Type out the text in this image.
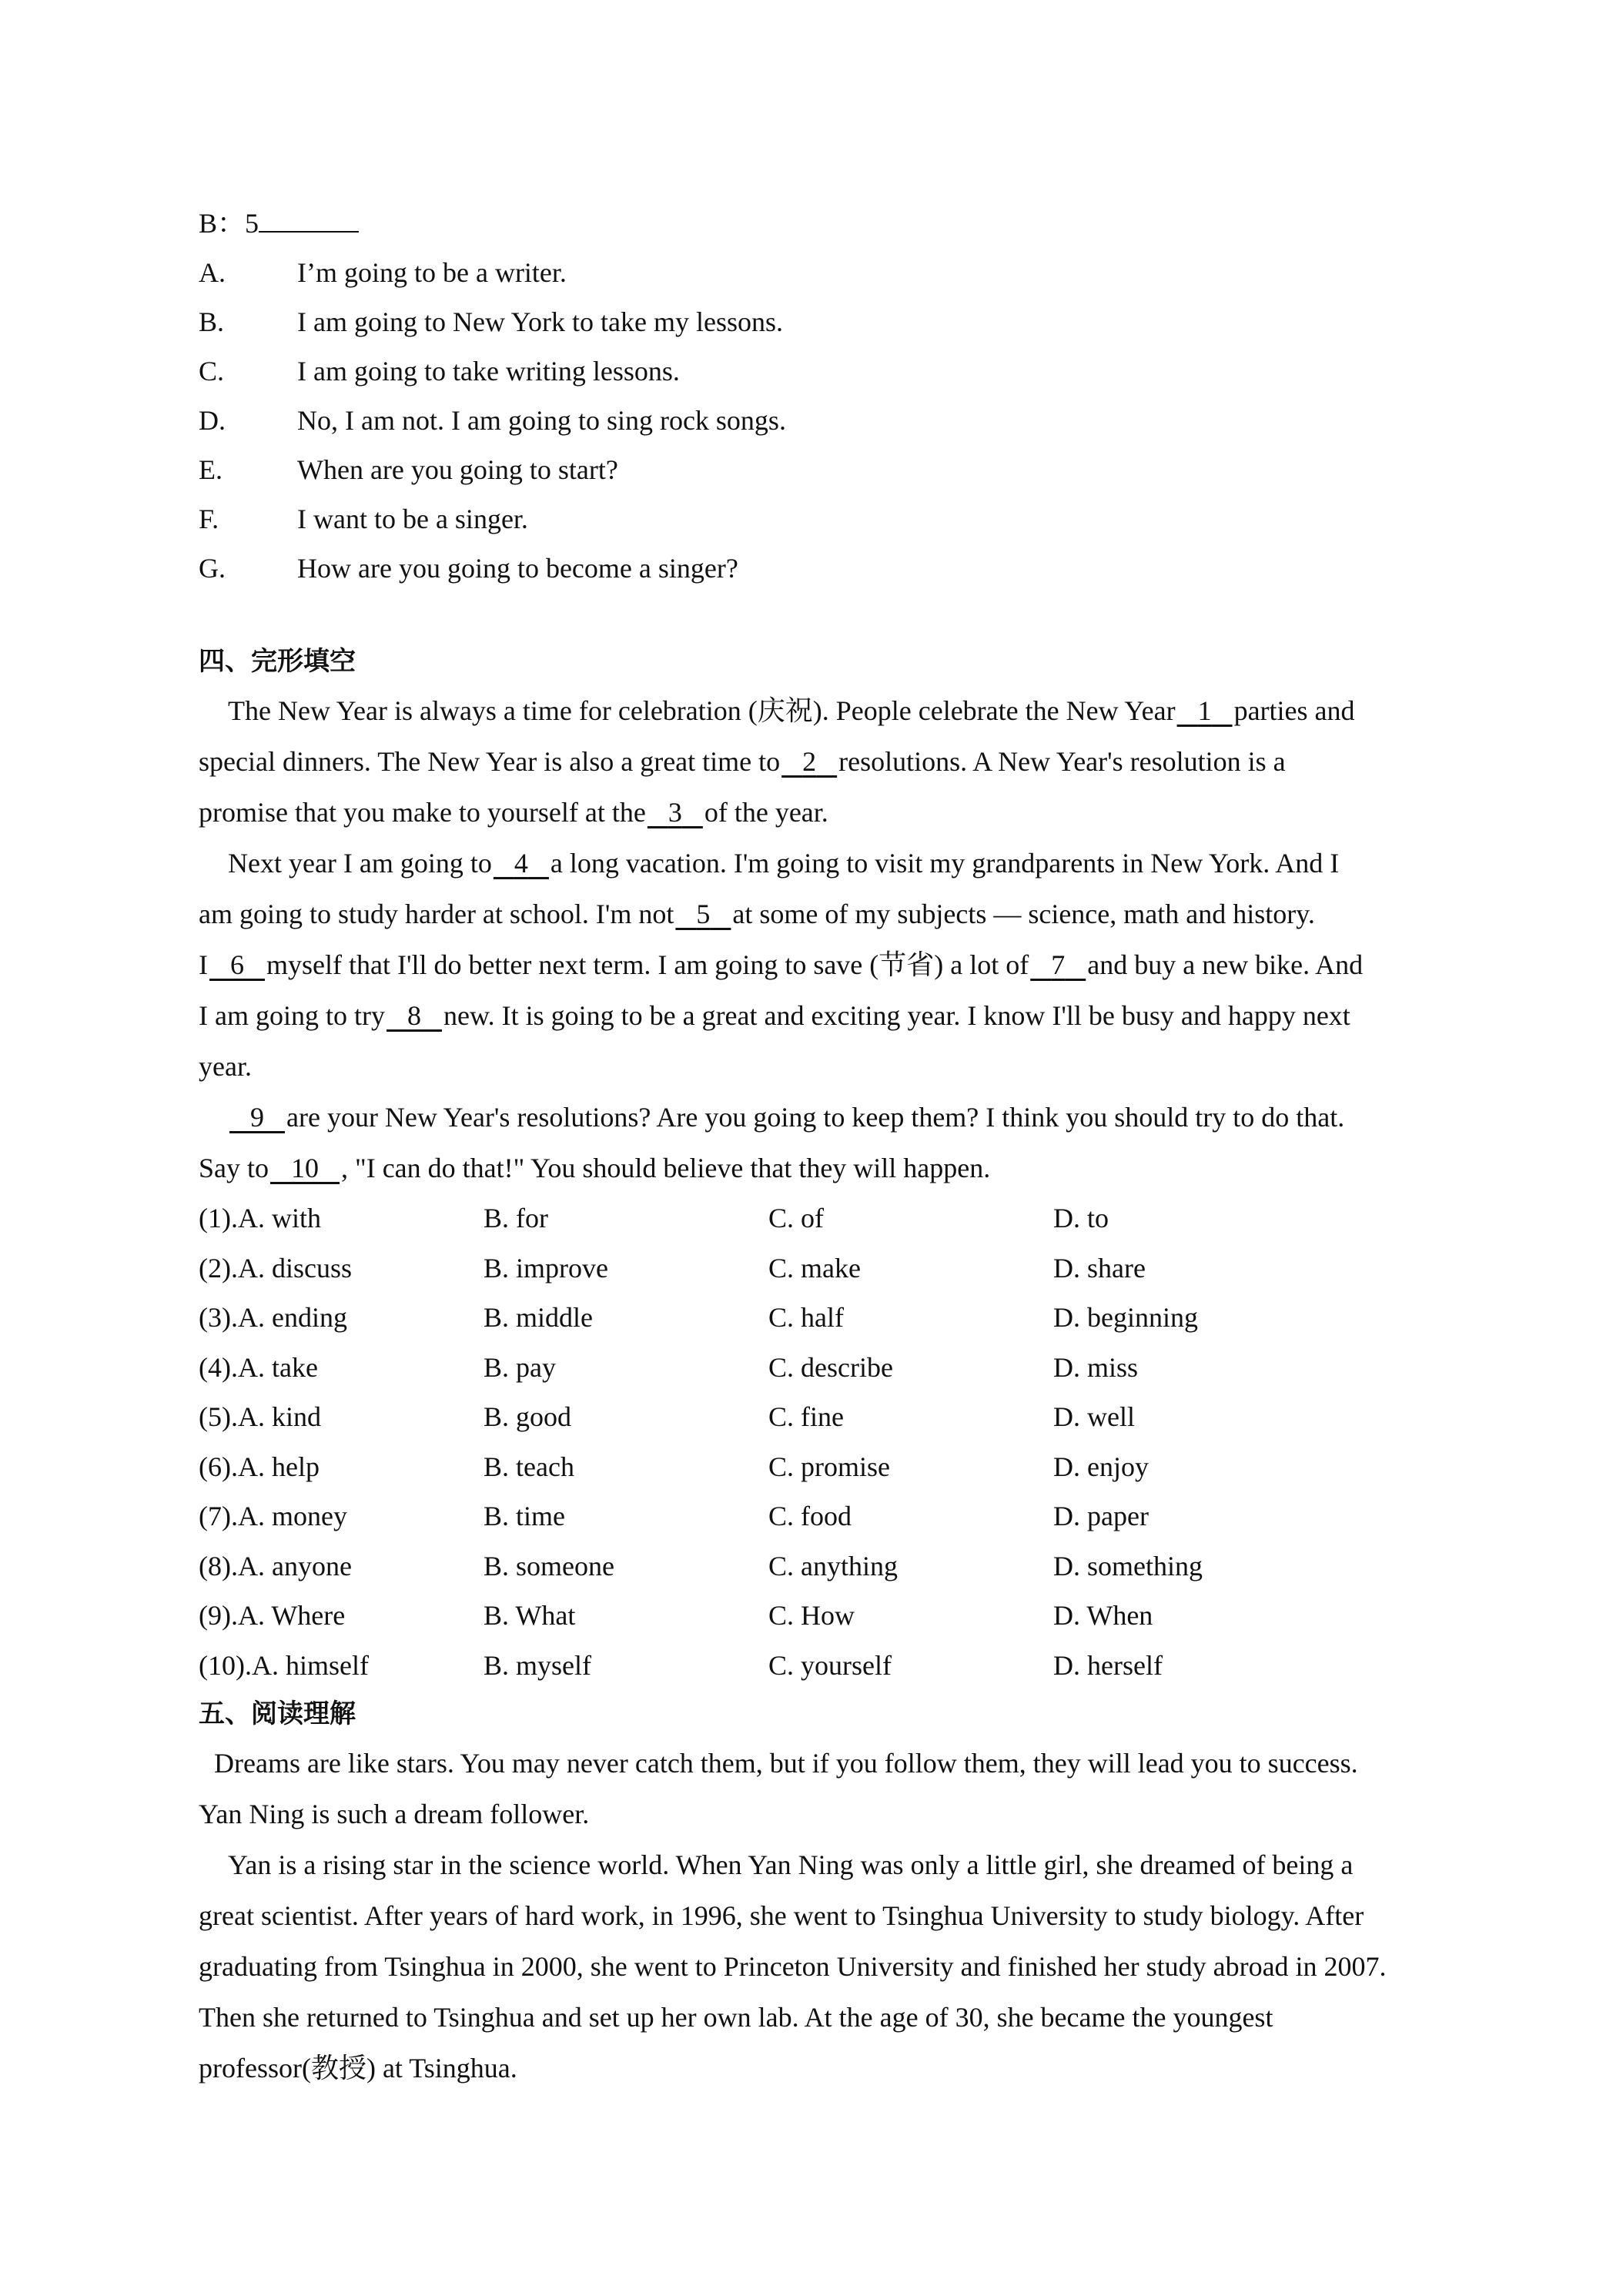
B：5
A.	I’m going to be a writer.
B.	I am going to New York to take my lessons.
C.	I am going to take writing lessons.
D.	No, I am not. I am going to sing rock songs.
E.	When are you going to start?
F.	I want to be a singer.
G.	How are you going to become a singer?
四、完形填空
The New Year is always a time for celebration (庆祝). People celebrate the New Year 1 parties and
special dinners. The New Year is also a great time to 2 resolutions. A New Year's resolution is a
promise that you make to yourself at the 3 of the year.
Next year I am going to 4 a long vacation. I'm going to visit my grandparents in New York. And I
am going to study harder at school. I'm not 5 at some of my subjects — science, math and history.
I 6 myself that I'll do better next term. I am going to save (节省) a lot of 7 and buy a new bike. And
I am going to try 8 new. It is going to be a great and exciting year. I know I'll be busy and happy next
year.
9 are your New Year's resolutions? Are you going to keep them? I think you should try to do that.
Say to 10 , "I can do that!" You should believe that they will happen.
(1).A. with	B. for	C. of	D. to
(2).A. discuss	B. improve	C. make	D. share
(3).A. ending	B. middle	C. half	D. beginning
(4).A. take	B. pay	C. describe	D. miss
(5).A. kind	B. good	C. fine	D. well
(6).A. help	B. teach	C. promise	D. enjoy
(7).A. money	B. time	C. food	D. paper
(8).A. anyone	B. someone	C. anything	D. something
(9).A. Where	B. What	C. How	D. When
(10).A. himself	B. myself	C. yourself	D. herself
五、阅读理解
Dreams are like stars. You may never catch them, but if you follow them, they will lead you to success.
Yan Ning is such a dream follower.
Yan is a rising star in the science world. When Yan Ning was only a little girl, she dreamed of being a
great scientist. After years of hard work, in 1996, she went to Tsinghua University to study biology. After
graduating from Tsinghua in 2000, she went to Princeton University and finished her study abroad in 2007.
Then she returned to Tsinghua and set up her own lab. At the age of 30, she became the youngest
professor(教授) at Tsinghua.
